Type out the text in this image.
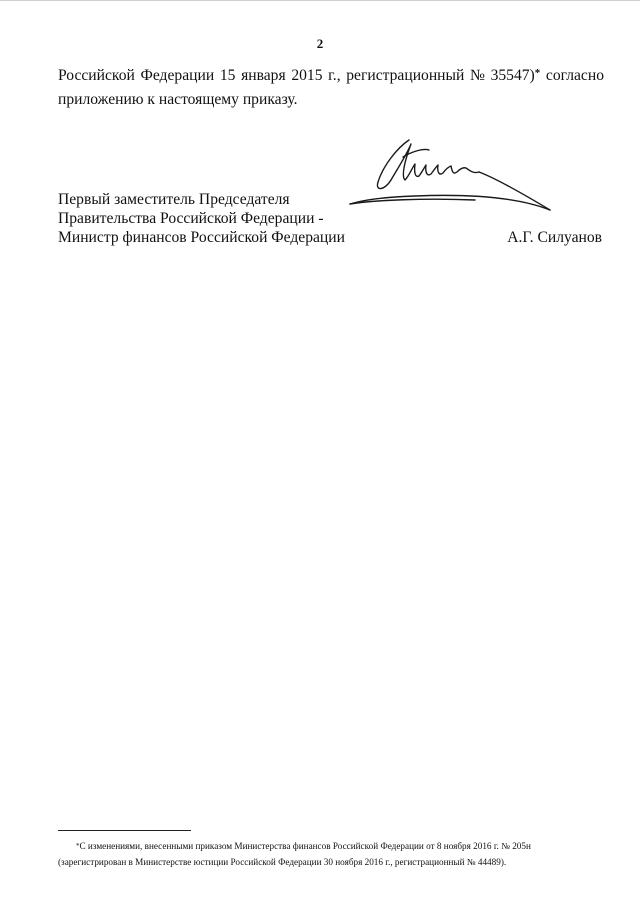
2
Российской Федерации 15 января 2015 г., регистрационный № 35547)* согласно
приложению к настоящему приказу.
Первый заместитель Председателя
Правительства Российской Федерации -
Министр финансов Российской Федерации	А.Г. Силуанов
*С изменениями, внесенными приказом Министерства финансов Российской Федерации от 8 ноября 2016 г. № 205н
(зарегистрирован в Министерстве юстиции Российской Федерации 30 ноября 2016 г., регистрационный № 44489).
